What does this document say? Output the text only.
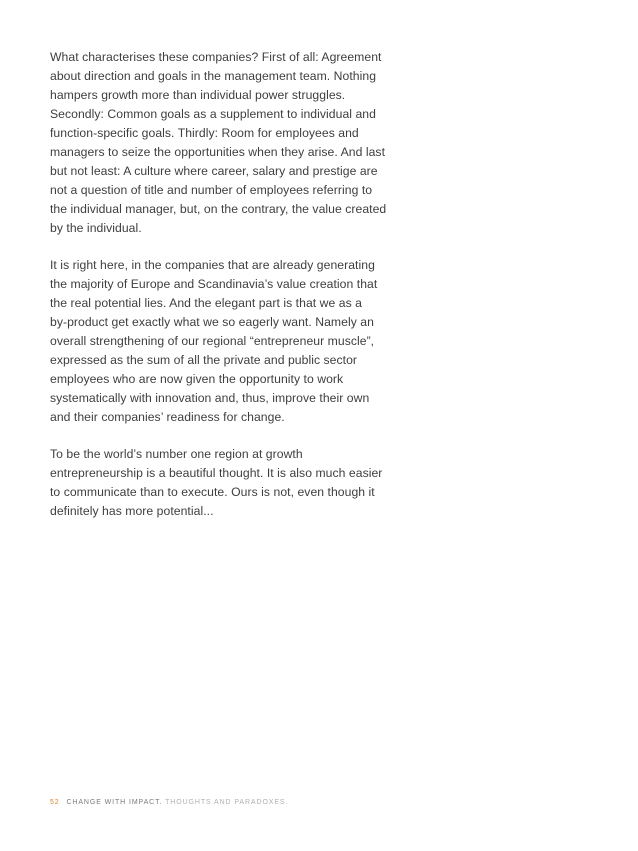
What characterises these companies? First of all: Agreement
about direction and goals in the management team. Nothing
hampers growth more than individual power struggles.
Secondly: Common goals as a supplement to individual and
function-specific goals. Thirdly: Room for employees and
managers to seize the opportunities when they arise. And last
but not least: A culture where career, salary and prestige are
not a question of title and number of employees referring to
the individual manager, but, on the contrary, the value created
by the individual.

It is right here, in the companies that are already generating
the majority of Europe and Scandinavia’s value creation that
the real potential lies. And the elegant part is that we as a
by-product get exactly what we so eagerly want. Namely an
overall strengthening of our regional “entrepreneur muscle”,
expressed as the sum of all the private and public sector
employees who are now given the opportunity to work
systematically with innovation and, thus, improve their own
and their companies’ readiness for change.

To be the world’s number one region at growth
entrepreneurship is a beautiful thought. It is also much easier
to communicate than to execute. Ours is not, even though it
definitely has more potential...

52 CHANGE WITH IMPACT. THOUGHTS AND PARADOXES.
